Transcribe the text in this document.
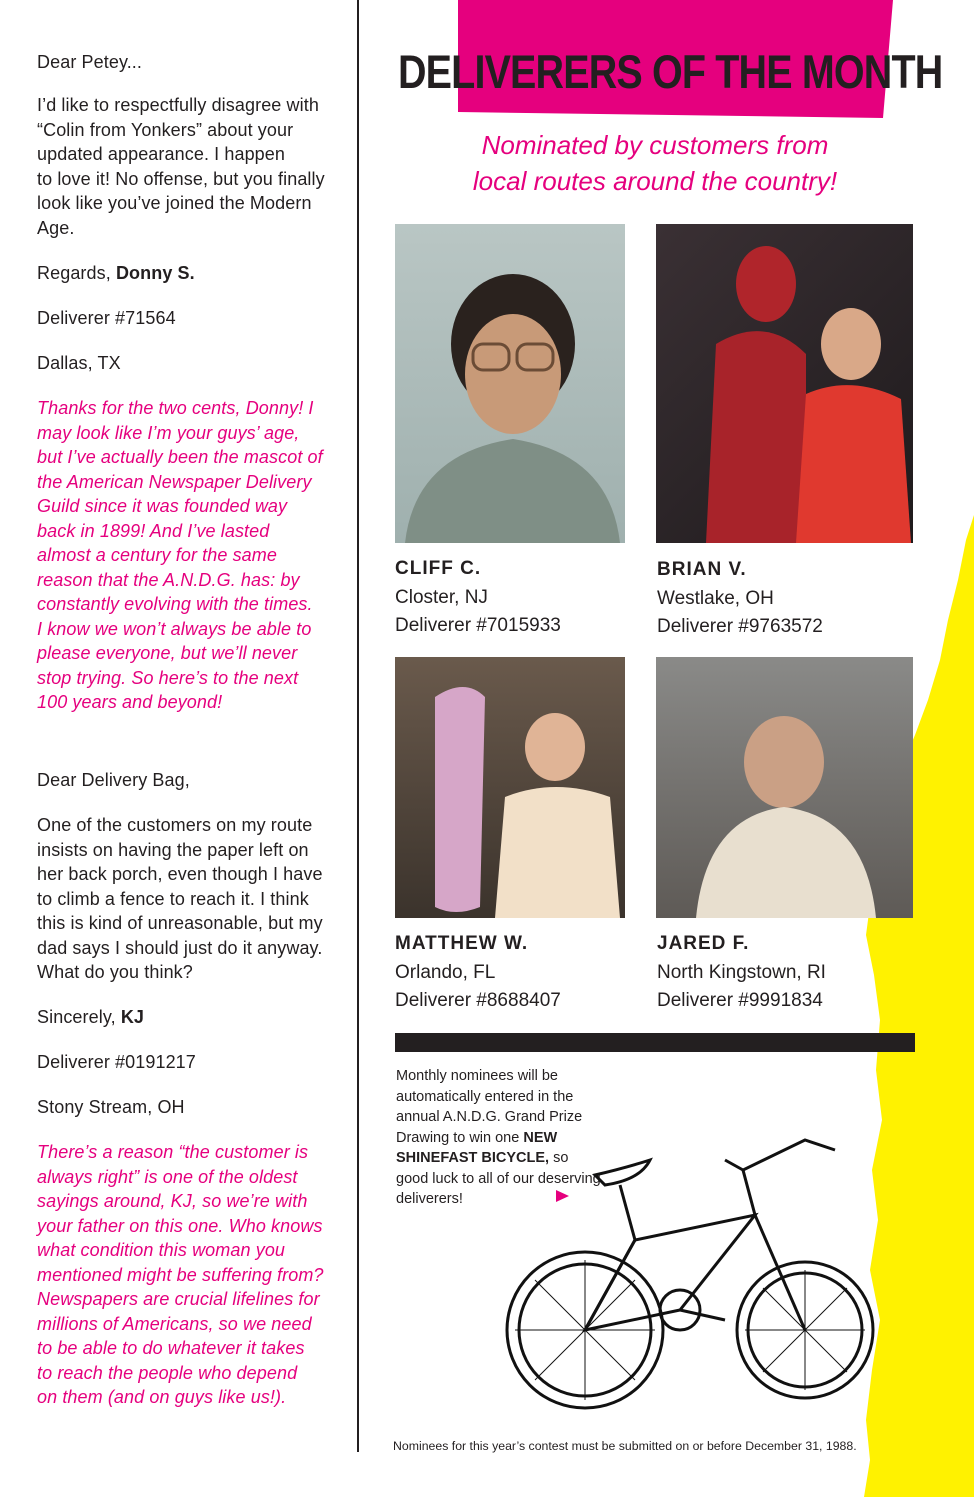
Dear Petey...
I’d like to respectfully disagree with
“Colin from Yonkers” about your
updated appearance. I happen
to love it! No offense, but you finally
look like you’ve joined the Modern
Age.
Regards, Donny S.
Deliverer #71564
Dallas, TX
Thanks for the two cents, Donny! I
may look like I’m your guys’ age,
but I’ve actually been the mascot of
the American Newspaper Delivery
Guild since it was founded way
back in 1899! And I’ve lasted
almost a century for the same
reason that the A.N.D.G. has: by
constantly evolving with the times.
I know we won’t always be able to
please everyone, but we’ll never
stop trying. So here’s to the next
100 years and beyond!
Dear Delivery Bag,
One of the customers on my route
insists on having the paper left on
her back porch, even though I have
to climb a fence to reach it. I think
this is kind of unreasonable, but my
dad says I should just do it anyway.
What do you think?
Sincerely, KJ
Deliverer #0191217
Stony Stream, OH
There’s a reason “the customer is
always right” is one of the oldest
sayings around, KJ, so we’re with
your father on this one. Who knows
what condition this woman you
mentioned might be suffering from?
Newspapers are crucial lifelines for
millions of Americans, so we need
to be able to do whatever it takes
to reach the people who depend
on them (and on guys like us!).
DELIVERERS OF THE MONTH
Nominated by customers from
local routes around the country!
CLIFF C.
Closter, NJ
Deliverer #7015933
BRIAN V.
Westlake, OH
Deliverer #9763572
MATTHEW W.
Orlando, FL
Deliverer #8688407
JARED F.
North Kingstown, RI
Deliverer #9991834
Monthly nominees will be
automatically entered in the
annual A.N.D.G. Grand Prize
Drawing to win one NEW
SHINEFAST BICYCLE, so
good luck to all of our deserving
deliverers!
Nominees for this year’s contest must be submitted on or before December 31, 1988.
